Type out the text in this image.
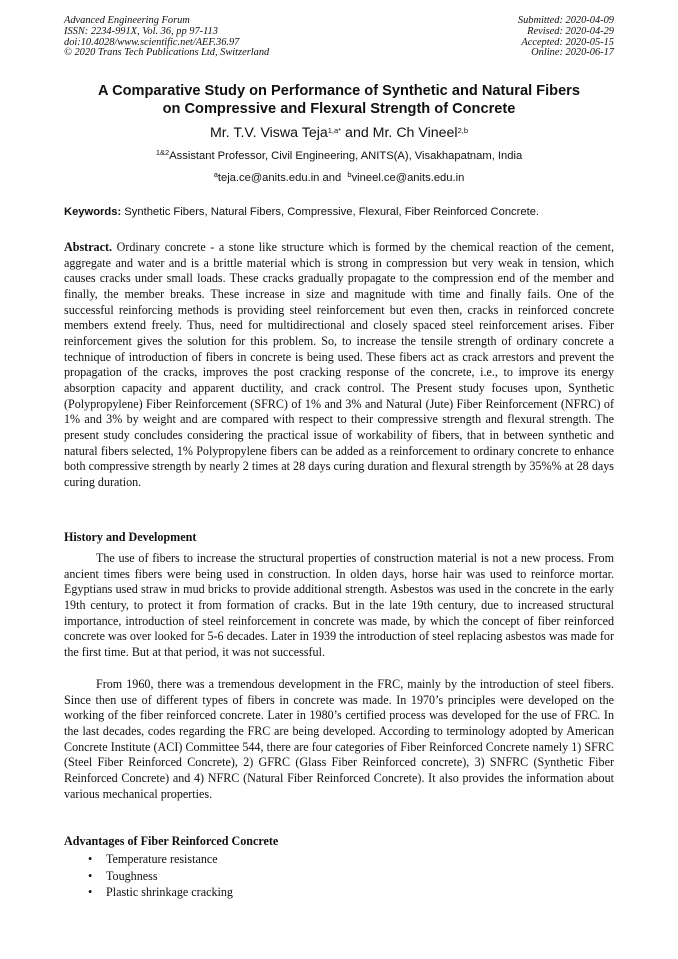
Advanced Engineering Forum
ISSN: 2234-991X, Vol. 36, pp 97-113
doi:10.4028/www.scientific.net/AEF.36.97
© 2020 Trans Tech Publications Ltd, Switzerland
Submitted: 2020-04-09
Revised: 2020-04-29
Accepted: 2020-05-15
Online: 2020-06-17
A Comparative Study on Performance of Synthetic and Natural Fibers
on Compressive and Flexural Strength of Concrete
Mr. T.V. Viswa Teja$^{1,a*}$ and Mr. Ch Vineel$^{2,b}$
$^{1\&2}$Assistant Professor, Civil Engineering, ANITS(A), Visakhapatnam, India
$^a$teja.ce@anits.edu.in and  $^b$vineel.ce@anits.edu.in
Keywords: Synthetic Fibers, Natural Fibers, Compressive, Flexural, Fiber Reinforced Concrete.

Abstract. Ordinary concrete - a stone like structure which is formed by the chemical reaction of the cement, aggregate and water and is a brittle material which is strong in compression but very weak in tension, which causes cracks under small loads. These cracks gradually propagate to the compression end of the member and finally, the member breaks. These increase in size and magnitude with time and finally fails. One of the successful reinforcing methods is providing steel reinforcement but even then, cracks in reinforced concrete members extend freely. Thus, need for multidirectional and closely spaced steel reinforcement arises. Fiber reinforcement gives the solution for this problem. So, to increase the tensile strength of ordinary concrete a technique of introduction of fibers in concrete is being used. These fibers act as crack arrestors and prevent the propagation of the cracks, improves the post cracking response of the concrete, i.e., to improve its energy absorption capacity and apparent ductility, and crack control. The Present study focuses upon, Synthetic (Polypropylene) Fiber Reinforcement (SFRC) of 1% and 3% and Natural (Jute) Fiber Reinforcement (NFRC) of 1% and 3% by weight and are compared with respect to their compressive strength and flexural strength. The present study concludes considering the practical issue of workability of fibers, that in between synthetic and natural fibers selected, 1% Polypropylene fibers can be added as a reinforcement to ordinary concrete to enhance both compressive strength by nearly 2 times at 28 days curing duration and flexural strength by 35%% at 28 days curing duration.

History and Development

The use of fibers to increase the structural properties of construction material is not a new process. From ancient times fibers were being used in construction. In olden days, horse hair was used to reinforce mortar. Egyptians used straw in mud bricks to provide additional strength. Asbestos was used in the concrete in the early 19th century, to protect it from formation of cracks. But in the late 19th century, due to increased structural importance, introduction of steel reinforcement in concrete was made, by which the concept of fiber reinforced concrete was over looked for 5-6 decades. Later in 1939 the introduction of steel replacing asbestos was made for the first time. But at that period, it was not successful.

From 1960, there was a tremendous development in the FRC, mainly by the introduction of steel fibers. Since then use of different types of fibers in concrete was made. In 1970’s principles were developed on the working of the fiber reinforced concrete. Later in 1980’s certified process was developed for the use of FRC. In the last decades, codes regarding the FRC are being developed. According to terminology adopted by American Concrete Institute (ACI) Committee 544, there are four categories of Fiber Reinforced Concrete namely 1) SFRC (Steel Fiber Reinforced Concrete), 2) GFRC (Glass Fiber Reinforced concrete), 3) SNFRC (Synthetic Fiber Reinforced Concrete) and 4) NFRC (Natural Fiber Reinforced Concrete). It also provides the information about various mechanical properties.

Advantages of Fiber Reinforced Concrete
• Temperature resistance
• Toughness
• Plastic shrinkage cracking
